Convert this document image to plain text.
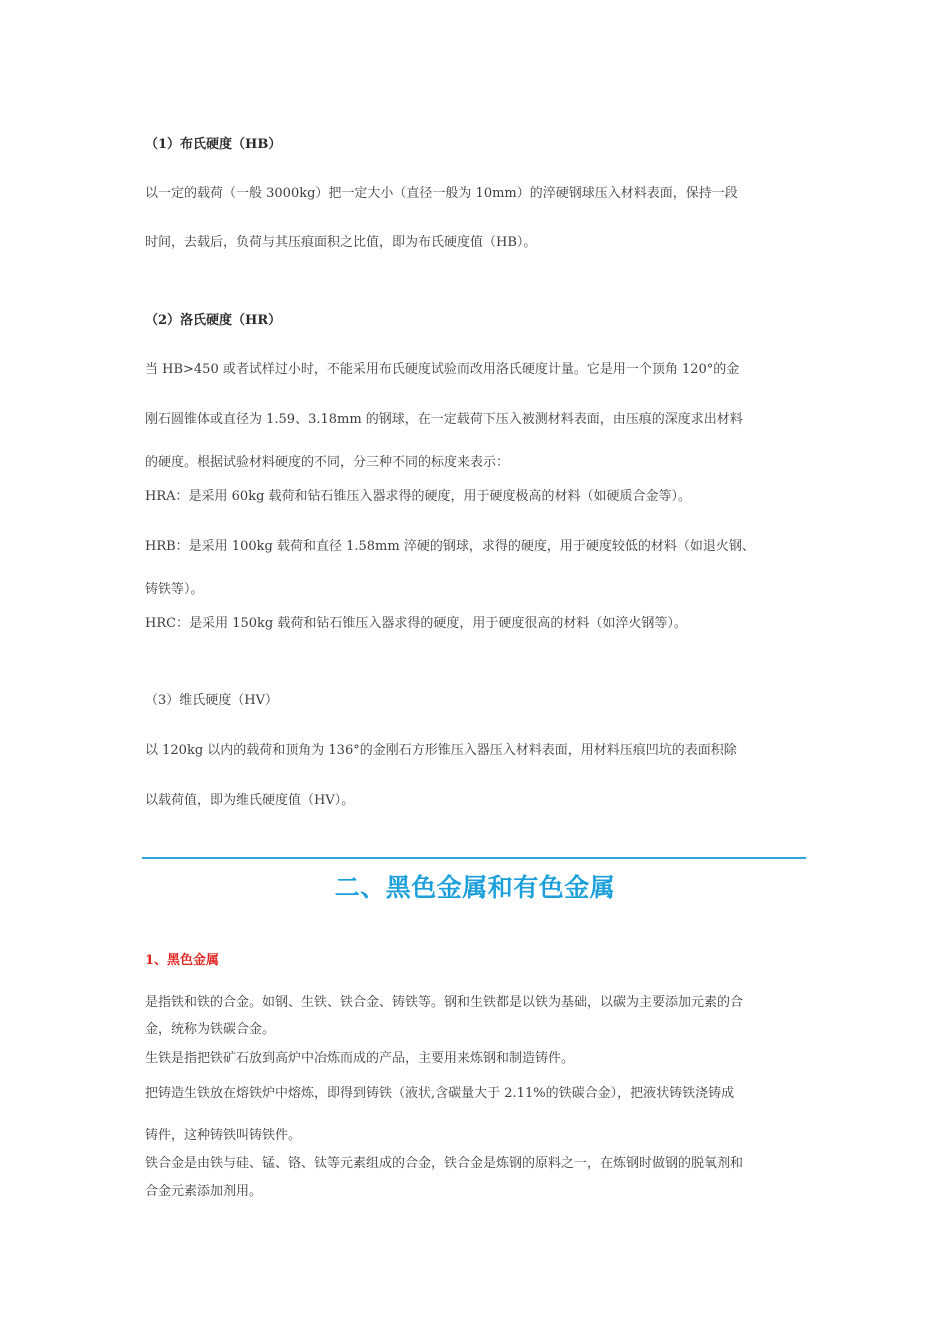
（1）布氏硬度（HB）

以一定的载荷（一般 3000kg）把一定大小（直径一般为 10mm）的淬硬钢球压入材料表面，保持一段

时间，去载后，负荷与其压痕面积之比值，即为布氏硬度值（HB）。

（2）洛氏硬度（HR）

当 HB>450 或者试样过小时，不能采用布氏硬度试验而改用洛氏硬度计量。它是用一个顶角 120°的金

刚石圆锥体或直径为 1.59、3.18mm 的钢球，在一定载荷下压入被测材料表面，由压痕的深度求出材料

的硬度。根据试验材料硬度的不同，分三种不同的标度来表示：

HRA：是采用 60kg 载荷和钻石锥压入器求得的硬度，用于硬度极高的材料（如硬质合金等）。

HRB：是采用 100kg 载荷和直径 1.58mm 淬硬的钢球，求得的硬度，用于硬度较低的材料（如退火钢、

铸铁等）。

HRC：是采用 150kg 载荷和钻石锥压入器求得的硬度，用于硬度很高的材料（如淬火钢等）。

（3）维氏硬度（HV）

以 120kg 以内的载荷和顶角为 136°的金刚石方形锥压入器压入材料表面，用材料压痕凹坑的表面积除

以载荷值，即为维氏硬度值（HV）。

二、黑色金属和有色金属

1、黑色金属

是指铁和铁的合金。如钢、生铁、铁合金、铸铁等。钢和生铁都是以铁为基础，以碳为主要添加元素的合

金，统称为铁碳合金。

生铁是指把铁矿石放到高炉中冶炼而成的产品，主要用来炼钢和制造铸件。

把铸造生铁放在熔铁炉中熔炼，即得到铸铁（液状,含碳量大于 2.11%的铁碳合金），把液状铸铁浇铸成

铸件，这种铸铁叫铸铁件。

铁合金是由铁与硅、锰、铬、钛等元素组成的合金，铁合金是炼钢的原料之一，在炼钢时做钢的脱氧剂和

合金元素添加剂用。
